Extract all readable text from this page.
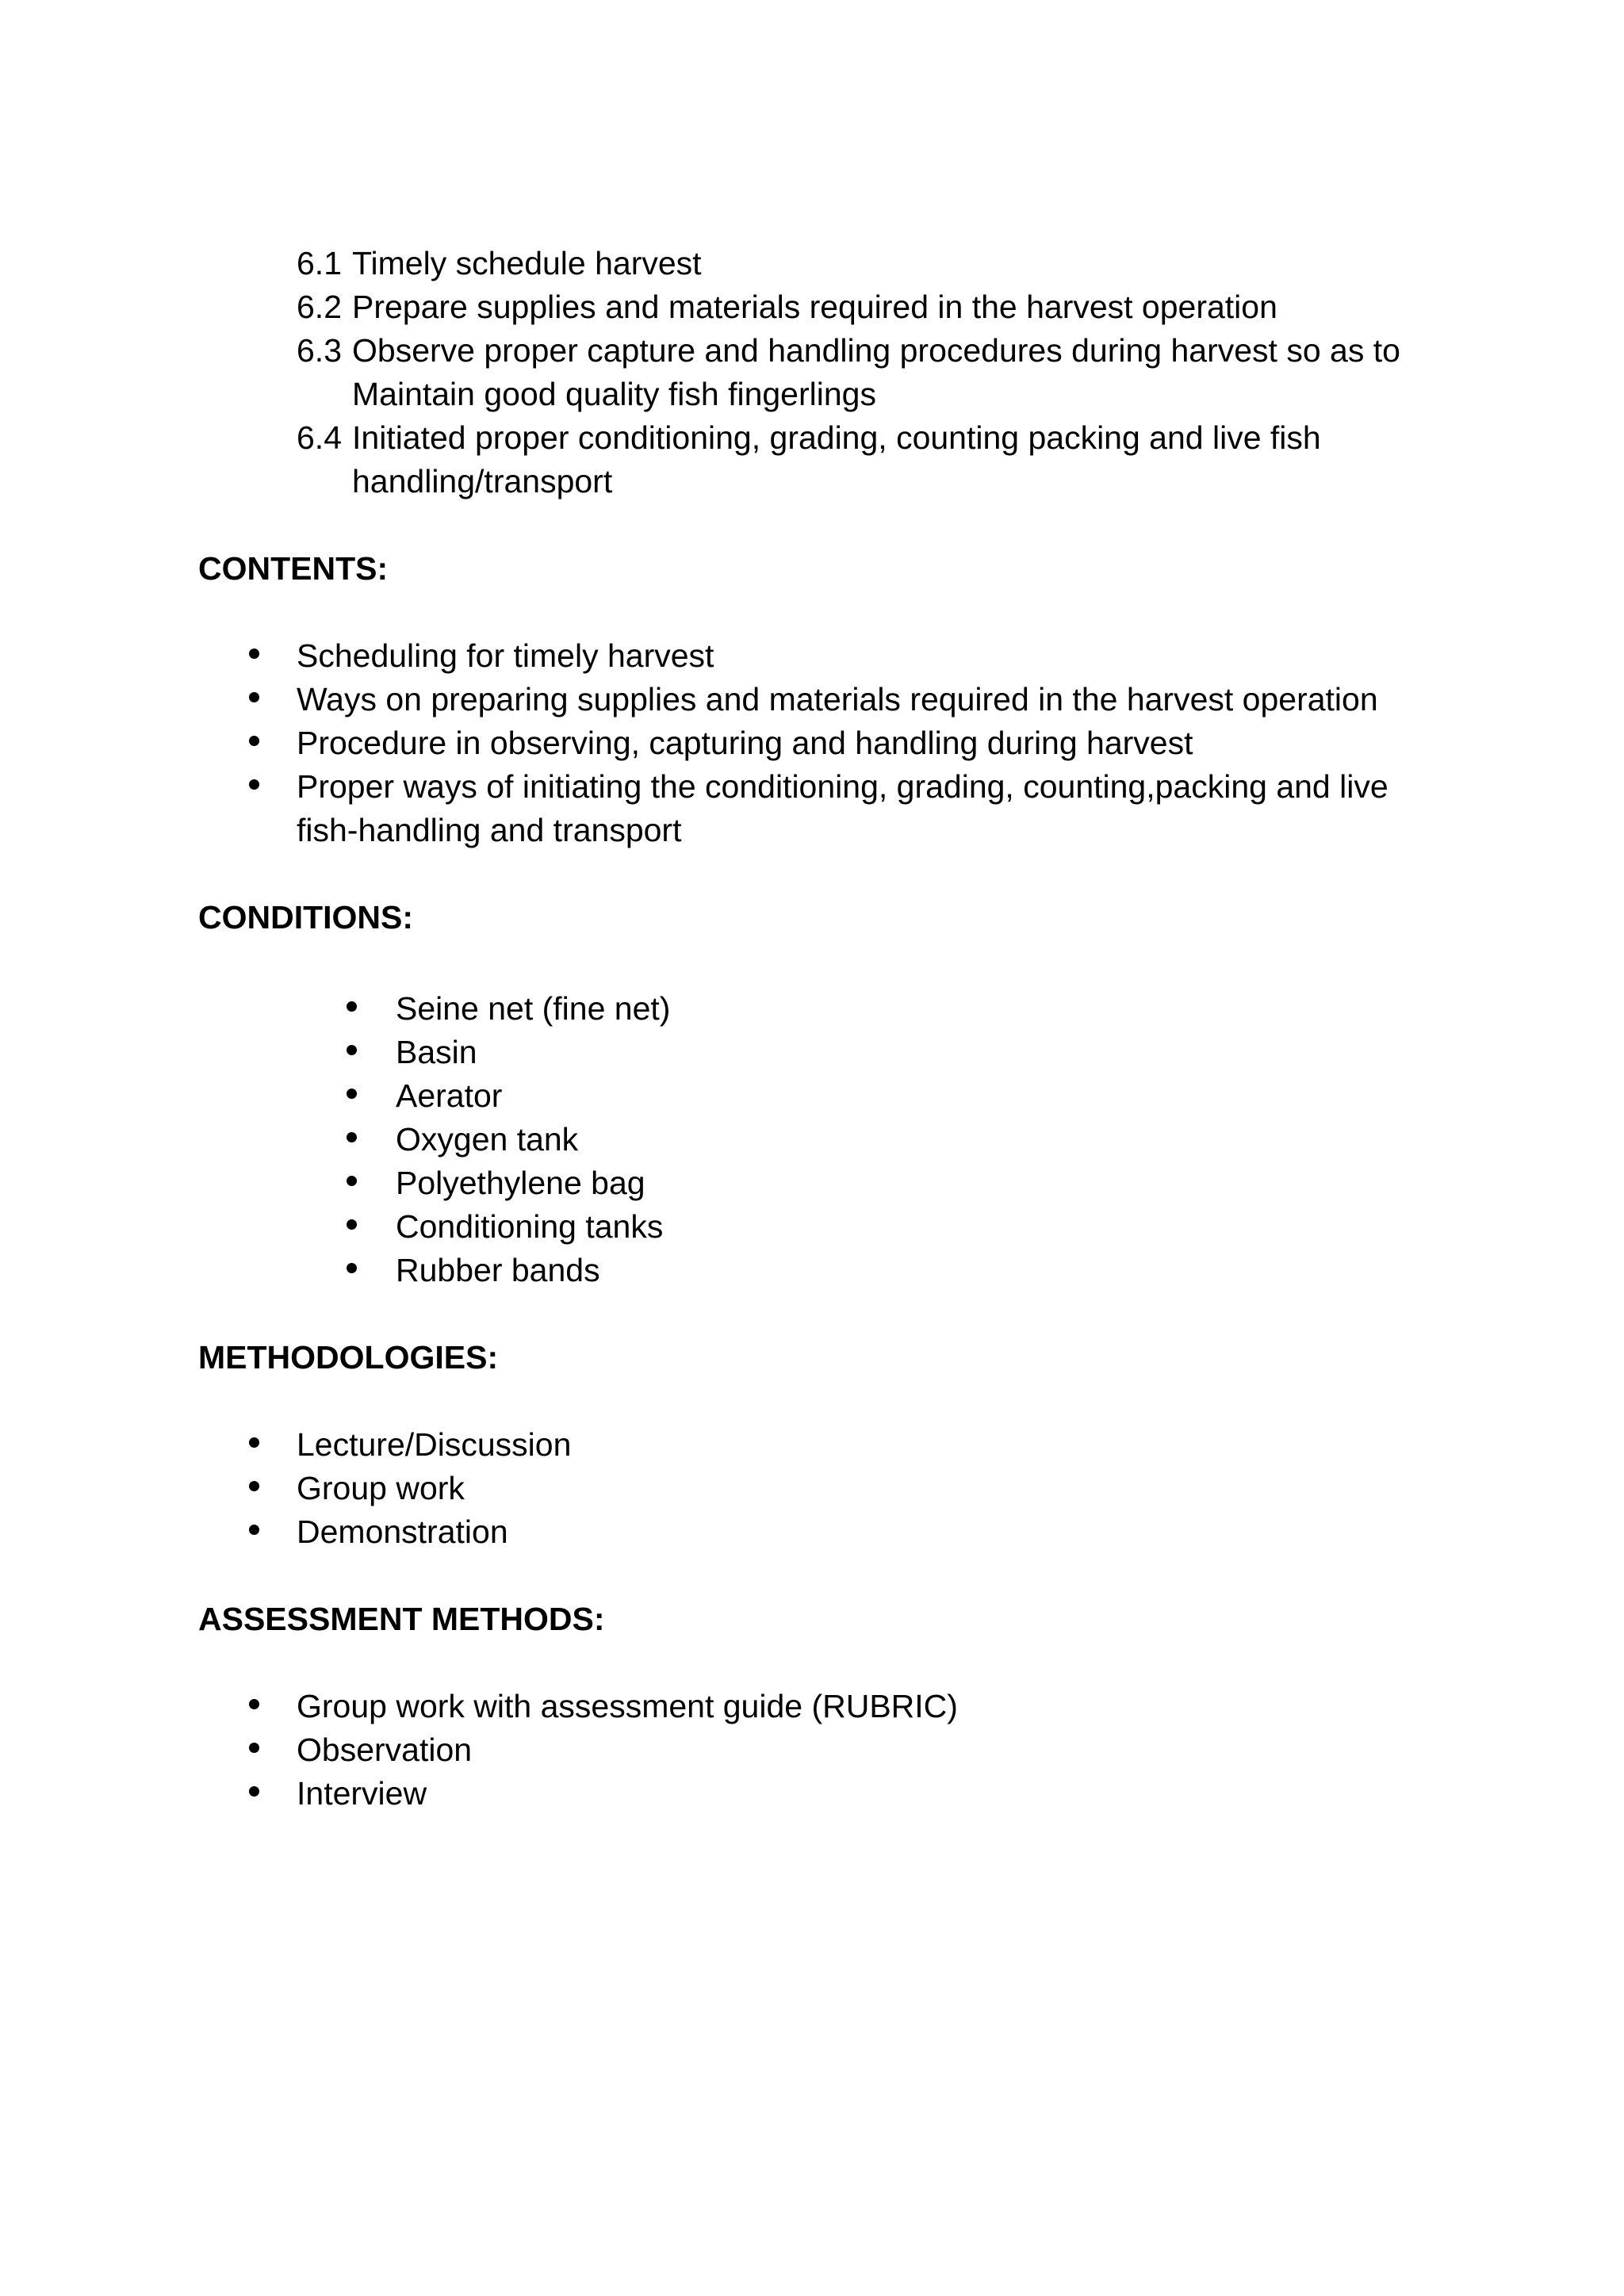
6.1 Timely schedule harvest
6.2 Prepare supplies and materials required in the harvest operation
6.3 Observe proper capture and handling procedures during harvest so as to
Maintain good quality fish fingerlings
6.4 Initiated proper conditioning, grading, counting packing and live fish
handling/transport
CONTENTS:
Scheduling for timely harvest
Ways on preparing supplies and materials required in the harvest operation
Procedure in observing, capturing and handling during harvest
Proper ways of initiating the conditioning, grading, counting,packing and live
fish-handling and transport
CONDITIONS:
Seine net (fine net)
Basin
Aerator
Oxygen tank
Polyethylene bag
Conditioning tanks
Rubber bands
METHODOLOGIES:
Lecture/Discussion
Group work
Demonstration
ASSESSMENT METHODS:
Group work with assessment guide (RUBRIC)
Observation
Interview
